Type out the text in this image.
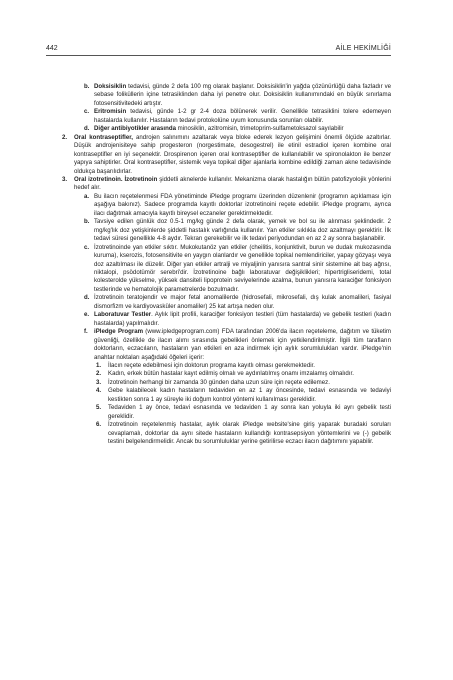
442	AİLE HEKİMLİĞİ
b. Doksisiklin tedavisi, günde 2 defa 100 mg olarak başlanır. Doksisiklin'in yağda çözünürlüğü daha fazladır ve sebase foliküllerin içine tetrasiklinden daha iyi penetre olur. Doksisiklin kullanımındaki en büyük sınırlama fotosensitivitedeki artıştır.
c. Eritromisin tedavisi, günde 1-2 gr 2-4 doza bölünerek verilir. Genellikle tetrasiklini tolere edemeyen hastalarda kullanılır. Hastaların tedavi protokolüne uyum konusunda sorunları olabilir.
d. Diğer antibiyotikler arasında minosiklin, azitromisin, trimetoprim-sulfametoksazol sayılabilir
2. Oral kontraseptifler, androjen salınımını azaltarak veya bloke ederek lezyon gelişimini önemli ölçüde azaltırlar. Düşük androjenisiteye sahip progesteron (norgestimate, desogestrel) ile etinil estradiol içeren kombine oral kontraseptifler en iyi seçenektir. Drospirenon içeren oral kontraseptifler de kullanılabilir ve spironolakton ile benzer yapıya sahiptirler. Oral kontraseptifler, sistemik veya topikal diğer ajanlarla kombine edildiği zaman akne tedavisinde oldukça başarılıdırlar.
3. Oral izotretinoin. İzotretinoin şiddetli aknelerde kullanılır. Mekanizma olarak hastalığın bütün patofizyolojik yönlerini hedef alır.
a. Bu ilacın reçetelenmesi FDA yönetiminde iPledge programı üzerinden düzenlenir (programın açıklaması için aşağıya bakınız). Sadece programda kayıtlı doktorlar izotretinoini reçete edebilir. iPledge programı, ayrıca ilacı dağıtmak amacıyla kayıtlı bireysel eczaneler gerektirmektedir.
b. Tavsiye edilen günlük doz 0.5-1 mg/kg günde 2 defa olarak, yemek ve bol su ile alınması şeklindedir. 2 mg/kg'lık doz yetişkinlerde şiddetli hastalık varlığında kullanılır. Yan etkiler sıklıkla doz azaltmayı gerektirir. İlk tedavi süresi genellikle 4-8 aydır. Tekrarı gerekebilir ve ilk tedavi periyodundan en az 2 ay sonra başlanabilir.
c. İzotretinoinde yan etkiler sıktır. Mukokutanöz yan etkiler (cheilitis, konjunktivit, burun ve dudak mukozasında kuruma), kserozis, fotosensitivite en yaygın olanlardır ve genellikle topikal nemlendiriciler, yapay gözyaşı veya doz azaltılması ile düzelir. Diğer yan etkiler artralji ve miyaljinin yanısıra santral sinir sistemine ait baş ağrısı, niktalopi, psödotümör serebri'dir. İzotretinoine bağlı laboratuvar değişiklikleri; hipertrigliseridemi, total kolesterolde yükselme, yüksek dansiteli lipoprotein seviyelerinde azalma, bunun yanısıra karaciğer fonksiyon testlerinde ve hematolojik parametrelerde bozulmadır.
d. İzotretinoin teratojendir ve major fetal anomalilerde (hidrosefali, mikrosefali, dış kulak anomalileri, fasiyal dismorfizm ve kardiyovasküler anomaliler) 25 kat artışa neden olur.
e. Laboratuvar Testler. Aylık lipit profili, karaciğer fonksiyon testleri (tüm hastalarda) ve gebelik testleri (kadın hastalarda) yapılmalıdır.
f. iPledge Program (www.ipledgeprogram.com) FDA tarafından 2006'da ilacın reçeteleme, dağıtım ve tüketim güvenliği, özellikle de ilacın alımı sırasında gebelikleri önlemek için yetkilendirilmiştir. İlgili tüm tarafların doktorların, eczacıların, hastaların yan etkileri en aza indirmek için aylık sorumlulukları vardır. iPledge'nin anahtar noktaları aşağıdaki öğeleri içerir:
1. İlacın reçete edebilmesi için doktorun programa kayıtlı olması gerekmektedir.
2. Kadın, erkek bütün hastalar kayıt edilmiş olmalı ve aydınlatılmış onamı imzalamış olmalıdır.
3. İzotretinoin herhangi bir zamanda 30 günden daha uzun süre için reçete edilemez.
4. Gebe kalabilecek kadın hastaların tedaviden en az 1 ay öncesinde, tedavi esnasında ve tedaviyi kestikten sonra 1 ay süreyle iki doğum kontrol yöntemi kullanılması gereklidir.
5. Tedaviden 1 ay önce, tedavi esnasında ve tedaviden 1 ay sonra kan yoluyla iki ayrı gebelik testi gereklidir.
6. İzotretinoin reçetelenmiş hastalar, aylık olarak iPledge website'sine giriş yaparak buradaki soruları cevaplamalı, doktorlar da aynı sitede hastaların kullandığı kontrasepsiyon yöntemlerini ve (-) gebelik testini belgelendirmelidir. Ancak bu sorumluluklar yerine getirilirse eczacı ilacın dağıtımını yapabilir.
